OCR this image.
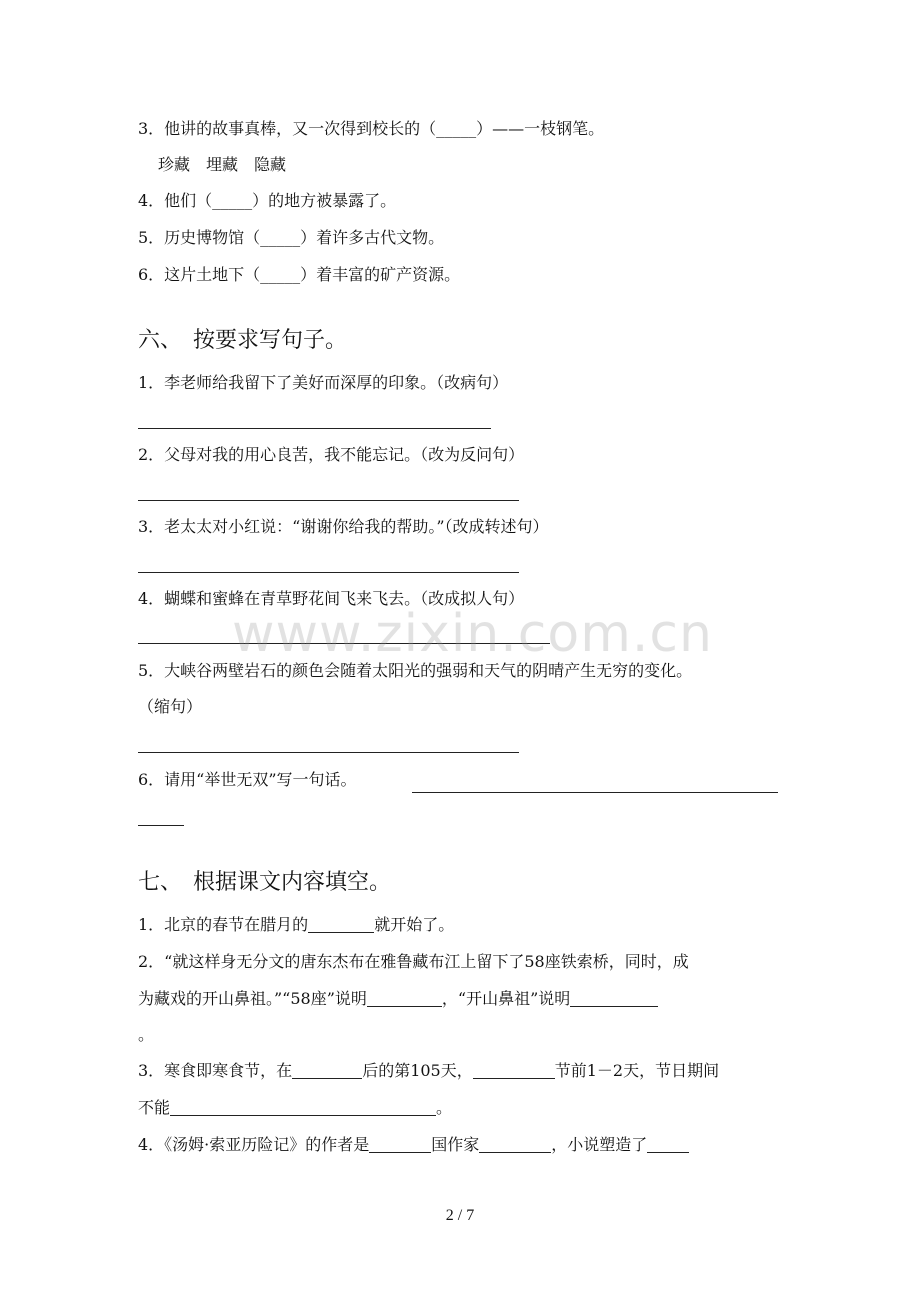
3．他讲的故事真棒，又一次得到校长的（_____）——一枝钢笔。
珍藏　埋藏　隐藏
4．他们（_____）的地方被暴露了。
5．历史博物馆（_____）着许多古代文物。
6．这片土地下（_____）着丰富的矿产资源。
六、　按要求写句子。
1．李老师给我留下了美好而深厚的印象。（改病句）
2．父母对我的用心良苦，我不能忘记。（改为反问句）
3．老太太对小红说：“谢谢你给我的帮助。”（改成转述句）
4．蝴蝶和蜜蜂在青草野花间飞来飞去。（改成拟人句）
5．大峡谷两壁岩石的颜色会随着太阳光的强弱和天气的阴晴产生无穷的变化。
（缩句）
6．请用“举世无双”写一句话。
七、　根据课文内容填空。
1．北京的春节在腊月的	就开始了。
2．“就这样身无分文的唐东杰布在雅鲁藏布江上留下了58座铁索桥，同时，成
为藏戏的开山鼻祖。”“58座”说明	，“开山鼻祖”说明
。
3．寒食即寒食节，在	后的第105天，	节前1－2天，节日期间
不能	。
4．《汤姆·索亚历险记》的作者是	国作家	，小说塑造了
www.zixin.com.cn
2 / 7
